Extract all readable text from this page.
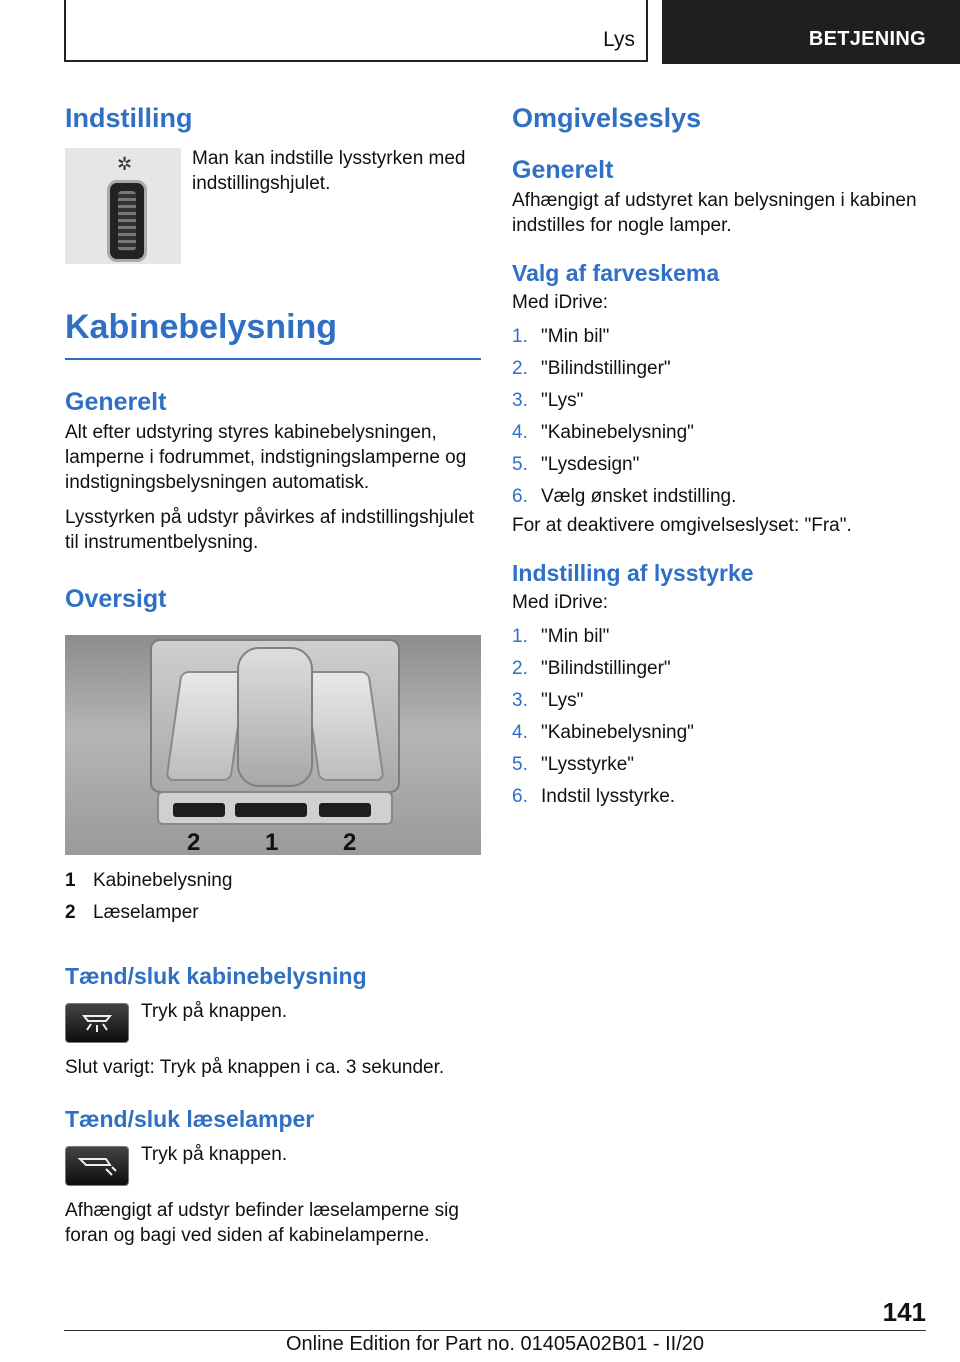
Lys	BETJENING
Indstilling
✲	Man kan indstille lysstyrken med indstillingshjulet.

Kabinebelysning
Generelt

Alt efter udstyring styres kabinebelysningen, lamperne i fodrummet, indstigningslamperne og indstigningsbelysningen automatisk.

Lysstyrken på udstyr påvirkes af indstillingshjulet til instrumentbelysning.

Oversigt
2	1	2
1 Kabinebelysning
2 Læselamper
Tænd/sluk kabinebelysning

Tryk på knappen.

Slut varigt: Tryk på knappen i ca. 3 sekunder.

Tænd/sluk læselamper

Tryk på knappen.

Afhængigt af udstyr befinder læselamperne sig foran og bagi ved siden af kabinelamperne.

Omgivelseslys
Generelt

Afhængigt af udstyret kan belysningen i kabinen indstilles for nogle lamper.

Valg af farveskema

Med iDrive:

1. "Min bil"
2. "Bilindstillinger"
3. "Lys"
4. "Kabinebelysning"
5. "Lysdesign"
6. Vælg ønsket indstilling.

For at deaktivere omgivelseslyset: "Fra".

Indstilling af lysstyrke

Med iDrive:

1. "Min bil"
2. "Bilindstillinger"
3. "Lys"
4. "Kabinebelysning"
5. "Lysstyrke"
6. Indstil lysstyrke.
141
Online Edition for Part no. 01405A02B01 - II/20
